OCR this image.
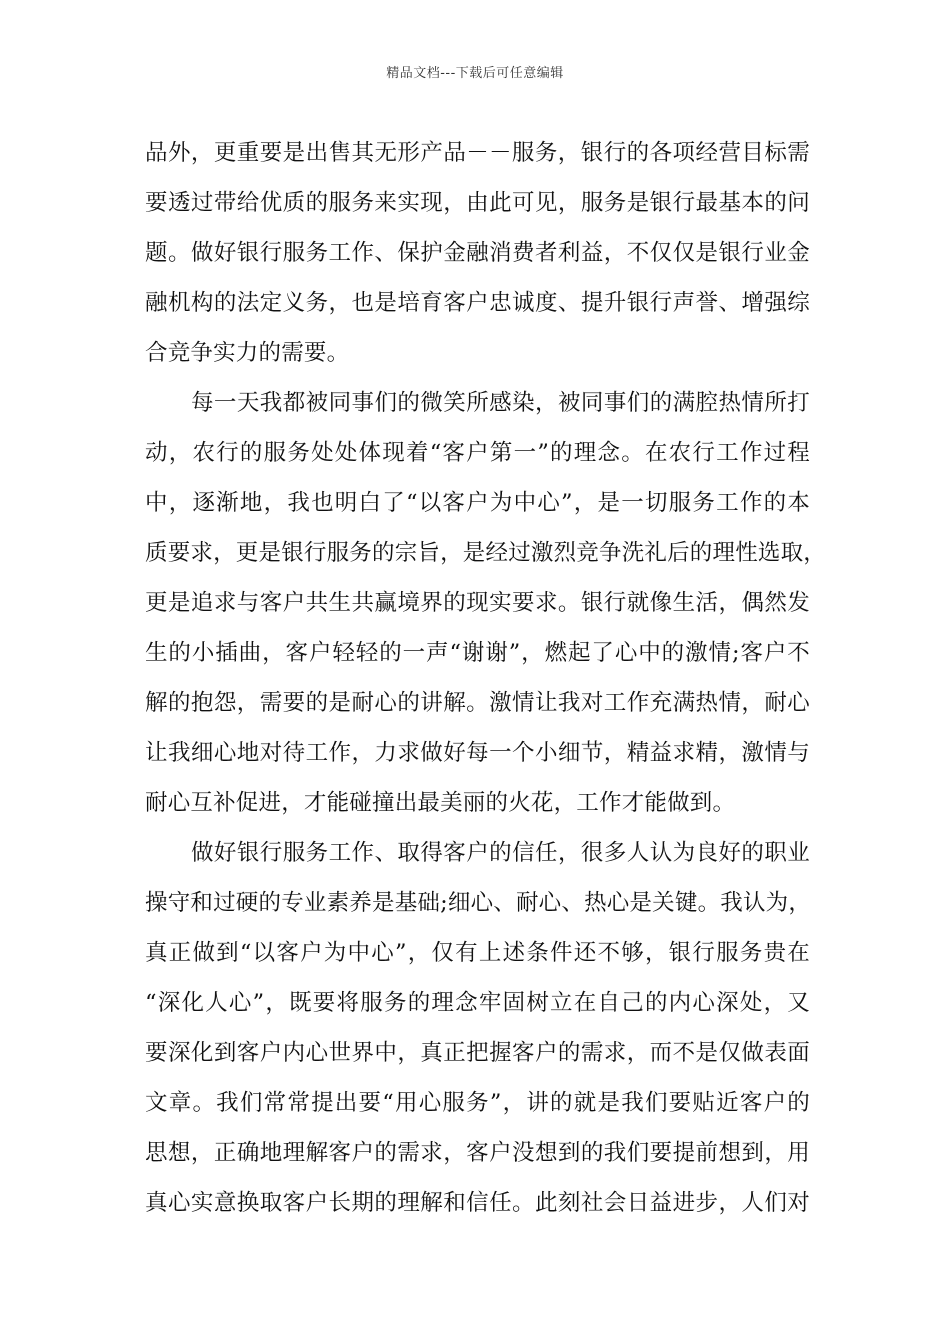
精品文档---下载后可任意编辑
品外，更重要是出售其无形产品－－服务，银行的各项经营目标需
要透过带给优质的服务来实现，由此可见，服务是银行最基本的问
题。做好银行服务工作、保护金融消费者利益，不仅仅是银行业金
融机构的法定义务，也是培育客户忠诚度、提升银行声誉、增强综
合竞争实力的需要。
每一天我都被同事们的微笑所感染，被同事们的满腔热情所打
动，农行的服务处处体现着“客户第一”的理念。在农行工作过程
中，逐渐地，我也明白了“以客户为中心”，是一切服务工作的本
质要求，更是银行服务的宗旨，是经过激烈竞争洗礼后的理性选取，
更是追求与客户共生共赢境界的现实要求。银行就像生活，偶然发
生的小插曲，客户轻轻的一声“谢谢”，燃起了心中的激情;客户不
解的抱怨，需要的是耐心的讲解。激情让我对工作充满热情，耐心
让我细心地对待工作，力求做好每一个小细节，精益求精，激情与
耐心互补促进，才能碰撞出最美丽的火花，工作才能做到。
做好银行服务工作、取得客户的信任，很多人认为良好的职业
操守和过硬的专业素养是基础;细心、耐心、热心是关键。我认为，
真正做到“以客户为中心”，仅有上述条件还不够，银行服务贵在
“深化人心”，既要将服务的理念牢固树立在自己的内心深处，又
要深化到客户内心世界中，真正把握客户的需求，而不是仅做表面
文章。我们常常提出要“用心服务”，讲的就是我们要贴近客户的
思想，正确地理解客户的需求，客户没想到的我们要提前想到，用
真心实意换取客户长期的理解和信任。此刻社会日益进步，人们对
